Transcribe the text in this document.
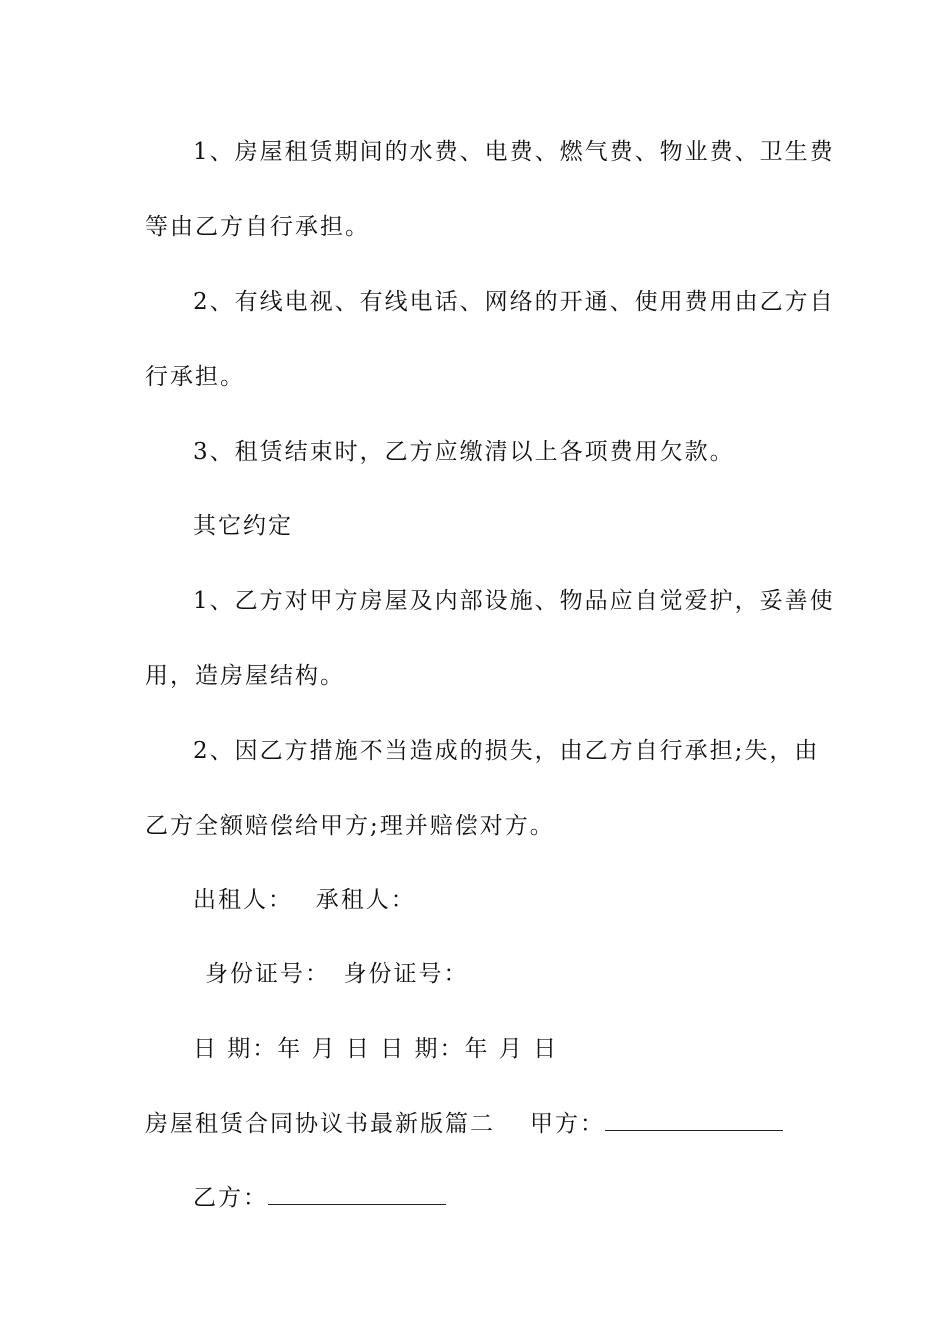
1、房屋租赁期间的水费、电费、燃气费、物业费、卫生费
等由乙方自行承担。
2、有线电视、有线电话、网络的开通、使用费用由乙方自
行承担。
3、租赁结束时，乙方应缴清以上各项费用欠款。
其它约定
1、乙方对甲方房屋及内部设施、物品应自觉爱护，妥善使
用，造房屋结构。
2、因乙方措施不当造成的损失，由乙方自行承担;失，由
乙方全额赔偿给甲方;理并赔偿对方。
出租人：　 承租人：
身份证号：　身份证号：
日 期：年 月 日 日 期：年 月 日
房屋租赁合同协议书最新版篇二 甲方：
乙方：
